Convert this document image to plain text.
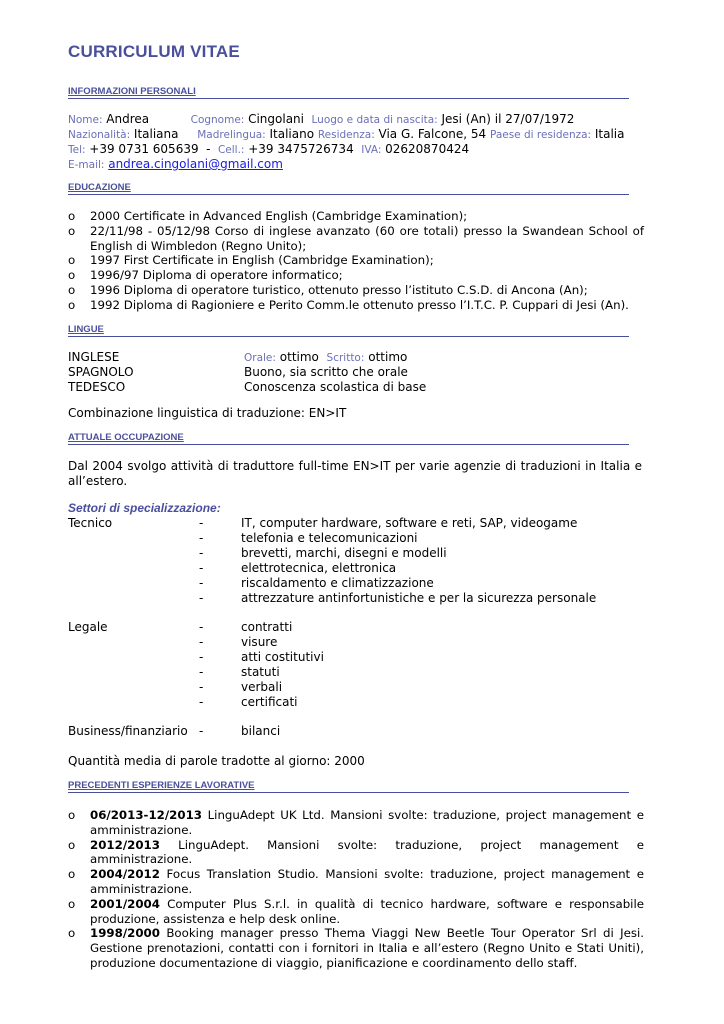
CURRICULUM VITAE
INFORMAZIONI PERSONALI
Nome: Andrea	Cognome: Cingolani Luogo e data di nascita: Jesi (An) il 27/07/1972
Nazionalità: Italiana Madrelingua: Italiano Residenza: Via G. Falcone, 54 Paese di residenza: Italia
Tel: +39 0731 605639 - Cell.: +39 3475726734 IVA: 02620870424
E-mail: andrea.cingolani@gmail.com
EDUCAZIONE
o 2000 Certificate in Advanced English (Cambridge Examination);
o 22/11/98 - 05/12/98 Corso di inglese avanzato (60 ore totali) presso la Swandean School of English di Wimbledon (Regno Unito);
o 1997 First Certificate in English (Cambridge Examination);
o 1996/97 Diploma di operatore informatico;
o 1996 Diploma di operatore turistico, ottenuto presso l’istituto C.S.D. di Ancona (An);
o 1992 Diploma di Ragioniere e Perito Comm.le ottenuto presso l’I.T.C. P. Cuppari di Jesi (An).
LINGUE
INGLESE	Orale: ottimo Scritto: ottimo
SPAGNOLO	Buono, sia scritto che orale
TEDESCO	Conoscenza scolastica di base
Combinazione linguistica di traduzione: EN>IT
ATTUALE OCCUPAZIONE
Dal 2004 svolgo attività di traduttore full-time EN>IT per varie agenzie di traduzioni in Italia e all’estero.
Settori di specializzazione:
Tecnico	-	IT, computer hardware, software e reti, SAP, videogame
-	telefonia e telecomunicazioni
-	brevetti, marchi, disegni e modelli
-	elettrotecnica, elettronica
-	riscaldamento e climatizzazione
-	attrezzature antinfortunistiche e per la sicurezza personale
Legale	-	contratti
-	visure
-	atti costitutivi
-	statuti
-	verbali
-	certificati
Business/finanziario -	bilanci
Quantità media di parole tradotte al giorno: 2000
PRECEDENTI ESPERIENZE LAVORATIVE
o 06/2013-12/2013 LinguAdept UK Ltd. Mansioni svolte: traduzione, project management e amministrazione.
o 2012/2013 LinguAdept. Mansioni svolte: traduzione, project management e amministrazione.
o 2004/2012 Focus Translation Studio. Mansioni svolte: traduzione, project management e amministrazione.
o 2001/2004 Computer Plus S.r.l. in qualità di tecnico hardware, software e responsabile produzione, assistenza e help desk online.
o 1998/2000 Booking manager presso Thema Viaggi New Beetle Tour Operator Srl di Jesi. Gestione prenotazioni, contatti con i fornitori in Italia e all’estero (Regno Unito e Stati Uniti), produzione documentazione di viaggio, pianificazione e coordinamento dello staff.
